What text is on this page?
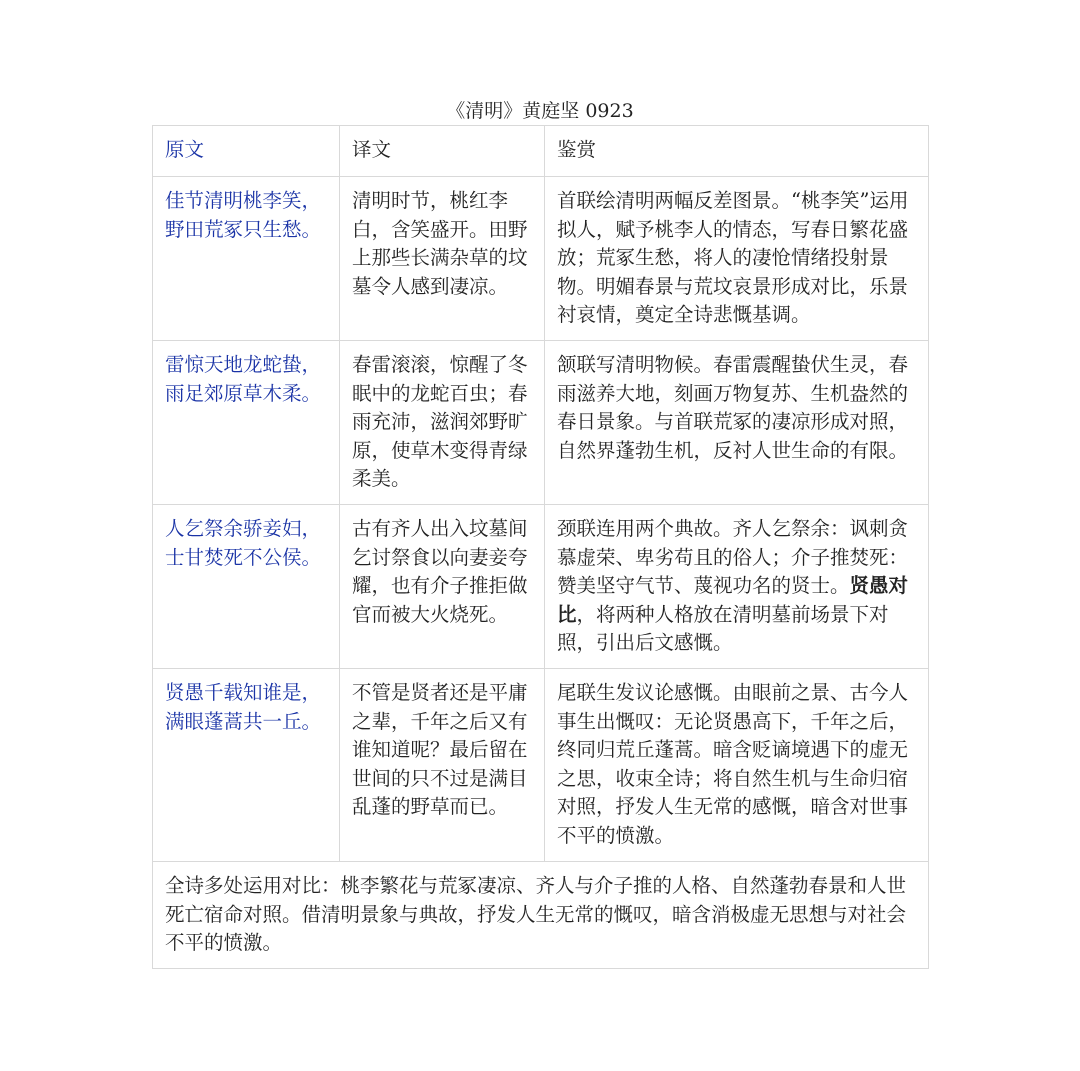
《清明》黄庭坚 0923
原文	译文	鉴赏
佳节清明桃李笑，野田荒冢只生愁。	清明时节，桃红李白，含笑盛开。田野上那些长满杂草的坟墓令人感到凄凉。	首联绘清明两幅反差图景。“桃李笑”运用拟人，赋予桃李人的情态，写春日繁花盛放；荒冢生愁，将人的凄怆情绪投射景物。明媚春景与荒坟哀景形成对比，乐景衬哀情，奠定全诗悲慨基调。
雷惊天地龙蛇蛰，雨足郊原草木柔。	春雷滚滚，惊醒了冬眠中的龙蛇百虫；春雨充沛，滋润郊野旷原，使草木变得青绿柔美。	颔联写清明物候。春雷震醒蛰伏生灵，春雨滋养大地，刻画万物复苏、生机盎然的春日景象。与首联荒冢的凄凉形成对照，自然界蓬勃生机，反衬人世生命的有限。
人乞祭余骄妾妇，士甘焚死不公侯。	古有齐人出入坟墓间乞讨祭食以向妻妾夸耀，也有介子推拒做官而被大火烧死。	颈联连用两个典故。齐人乞祭余：讽刺贪慕虚荣、卑劣苟且的俗人；介子推焚死：赞美坚守气节、蔑视功名的贤士。贤愚对比，将两种人格放在清明墓前场景下对照，引出后文感慨。
贤愚千载知谁是，满眼蓬蒿共一丘。	不管是贤者还是平庸之辈，千年之后又有谁知道呢？最后留在世间的只不过是满目乱蓬的野草而已。	尾联生发议论感慨。由眼前之景、古今人事生出慨叹：无论贤愚高下，千年之后，终同归荒丘蓬蒿。暗含贬谪境遇下的虚无之思，收束全诗；将自然生机与生命归宿对照，抒发人生无常的感慨，暗含对世事不平的愤激。
全诗多处运用对比：桃李繁花与荒冢凄凉、齐人与介子推的人格、自然蓬勃春景和人世死亡宿命对照。借清明景象与典故，抒发人生无常的慨叹，暗含消极虚无思想与对社会不平的愤激。		
